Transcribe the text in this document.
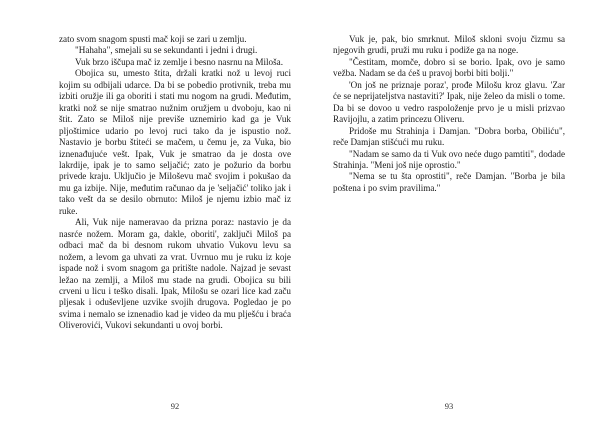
zato svom snagom spusti mač koji se zari u zemlju.

"Hahaha", smejali su se sekundanti i jedni i drugi.

Vuk brzo iščupa mač iz zemlje i besno nasrnu na Miloša.

Obojica su, umesto štita, držali kratki nož u levoj ruci kojim su odbijali udarce. Da bi se pobedio protivnik, treba mu izbiti oružje ili ga oboriti i stati mu nogom na grudi. Međutim, kratki nož se nije smatrao nužnim oružjem u dvoboju, kao ni štit. Zato se Miloš nije previše uznemirio kad ga je Vuk pljoštimice udario po levoj ruci tako da je ispustio nož. Nastavio je borbu štiteći se mačem, u čemu je, za Vuka, bio iznenađujuće vešt. Ipak, Vuk je smatrao da je dosta ove lakrdije, ipak je to samo seljačić; zato je požurio da borbu privede kraju. Uključio je Miloševu mač svojim i pokušao da mu ga izbije. Nije, međutim računao da je 'seljačić' toliko jak i tako vešt da se desilo obrnuto: Miloš je njemu izbio mač iz ruke.

Ali, Vuk nije nameravao da prizna poraz: nastavio je da nasrće nožem. Moram ga, dakle, oboriti', zaključi Miloš pa odbaci mač da bi desnom rukom uhvatio Vukovu levu sa nožem, a levom ga uhvati za vrat. Uvrnuo mu je ruku iz koje ispade nož i svom snagom ga pritište nadole. Najzad je sevast ležao na zemlji, a Miloš mu stade na grudi. Obojica su bili crveni u licu i teško disali. Ipak, Milošu se ozari lice kad začu pljesak i oduševljene uzvike svojih drugova. Pogledao je po svima i nemalo se iznenadio kad je video da mu plješću i braća Oliverovići, Vukovi sekundanti u ovoj borbi.

92

Vuk je, pak, bio smrknut. Miloš skloni svoju čizmu sa njegovih grudi, pruži mu ruku i podiže ga na noge.

"Čestitam, momče, dobro si se borio. Ipak, ovo je samo vežba. Nadam se da ćeš u pravoj borbi biti bolji."

'On još ne priznaje poraz', prođe Milošu kroz glavu. 'Zar će se neprijateljstva nastaviti?' Ipak, nije želeo da misli o tome. Da bi se dovoo u vedro raspoloženje prvo je u misli prizvao Ravijojlu, a zatim princezu Oliveru.

Pridoše mu Strahinja i Damjan. "Dobra borba, Obiliću", reče Damjan stišćući mu ruku.

"Nadam se samo da ti Vuk ovo neće dugo pamtiti", dodade Strahinja. "Meni još nije oprostio."

"Nema se tu šta oprostiti", reče Damjan. "Borba je bila poštena i po svim pravilima."

93
